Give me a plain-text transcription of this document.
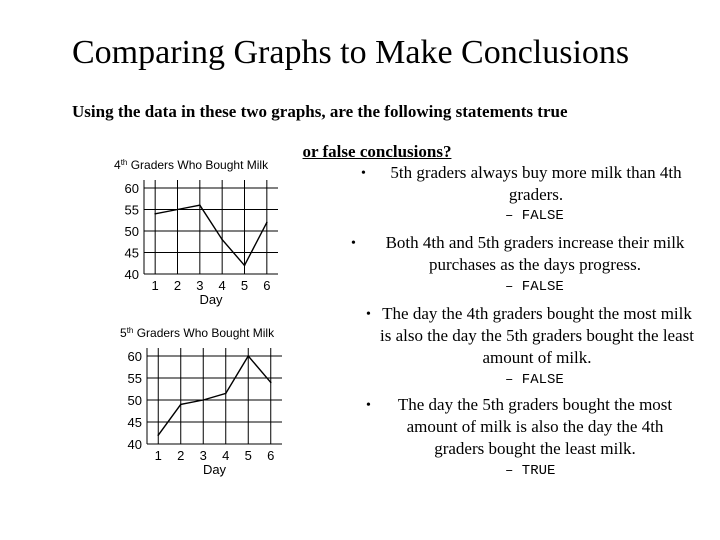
Comparing Graphs to Make Conclusions
Using the data in these two graphs, are the following statements true
or false conclusions?
4th Graders Who Bought Milk
40
45
50
55
60
1 2 3 4 5 6
Day
5th Graders Who Bought Milk
40
45
50
55
60
1 2 3 4 5 6
Day
•	5th graders always buy more milk than 4th graders.
– FALSE
•	Both 4th and 5th graders increase their milk purchases as the days progress.
– FALSE
• The day the 4th graders bought the most milk is also the day the 5th graders bought the least amount of milk.
– FALSE
•	The day the 5th graders bought the most amount of milk is also the day the 4th graders bought the least milk.
– TRUE
